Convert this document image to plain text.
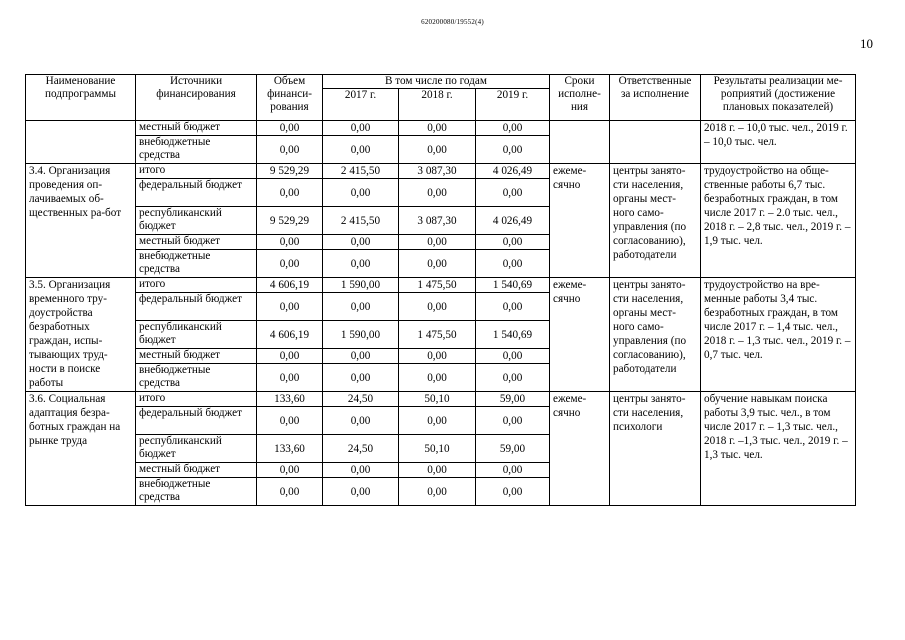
620200080/19552(4)
10
Наименование подпрограммы	Источники финансирования	Объем финанси-рования	В том числе по годам			Сроки исполне-ния	Ответственные за исполнение	Результаты реализации ме-роприятий (достижение плановых показателей)
			2017 г.	2018 г.	2019 г.			
	местный бюджет	0,00	0,00	0,00	0,00			2018 г. – 10,0 тыс. чел., 2019 г. – 10,0 тыс. чел.
	внебюджетные средства	0,00	0,00	0,00	0,00			
3.4. Организация проведения оп-лачиваемых об-щественных ра-бот	итого	9 529,29	2 415,50	3 087,30	4 026,49	ежеме-сячно	центры занято-сти населения, органы мест-ного само-управления (по согласованию), работодатели	трудоустройство на обще-ственные работы 6,7 тыс. безработных граждан, в том числе 2017 г. – 2.0 тыс. чел., 2018 г. – 2,8 тыс. чел., 2019 г. – 1,9 тыс. чел.
	федеральный бюджет	0,00	0,00	0,00	0,00			
	республиканский бюджет	9 529,29	2 415,50	3 087,30	4 026,49			
	местный бюджет	0,00	0,00	0,00	0,00			
	внебюджетные средства	0,00	0,00	0,00	0,00			
3.5. Организация временного тру-доустройства безработных граждан, испы-тывающих труд-ности в поиске работы	итого	4 606,19	1 590,00	1 475,50	1 540,69	ежеме-сячно	центры занято-сти населения, органы мест-ного само-управления (по согласованию), работодатели	трудоустройство на вре-менные работы 3,4 тыс. безработных граждан, в том числе 2017 г. – 1,4 тыс. чел., 2018 г. – 1,3 тыс. чел., 2019 г. – 0,7 тыс. чел.
	федеральный бюджет	0,00	0,00	0,00	0,00			
	республиканский бюджет	4 606,19	1 590,00	1 475,50	1 540,69			
	местный бюджет	0,00	0,00	0,00	0,00			
	внебюджетные средства	0,00	0,00	0,00	0,00			
3.6. Социальная адаптация безра-ботных граждан на рынке труда	итого	133,60	24,50	50,10	59,00	ежеме-сячно	центры занято-сти населения, психологи	обучение навыкам поиска работы 3,9 тыс. чел., в том числе 2017 г. – 1,3 тыс. чел., 2018 г. –1,3 тыс. чел., 2019 г. – 1,3 тыс. чел.
	федеральный бюджет	0,00	0,00	0,00	0,00			
	республиканский бюджет	133,60	24,50	50,10	59,00			
	местный бюджет	0,00	0,00	0,00	0,00			
	внебюджетные средства	0,00	0,00	0,00	0,00			
